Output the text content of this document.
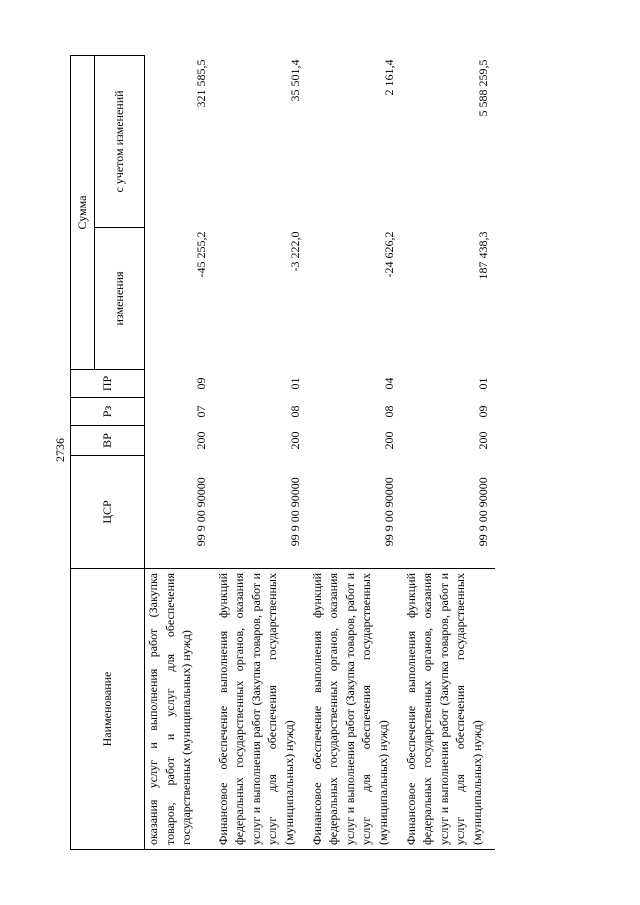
2736
Наименование	ЦСР	ВР	Рз	ПР	Сумма	
					изменения	с учетом изменений
оказания услуг и выполнения работ (Закупка товаров, работ и услуг для обеспечения государственных (муниципальных) нужд)	99 9 00 90000	200	07	09	-45 255,2	321 585,5
Финансовое обеспечение выполнения функций федеральных государственных органов, оказания услуг и выполнения работ (Закупка товаров, работ и услуг для обеспечения государственных (муниципальных) нужд)	99 9 00 90000	200	08	01	-3 222,0	35 501,4
Финансовое обеспечение выполнения функций федеральных государственных органов, оказания услуг и выполнения работ (Закупка товаров, работ и услуг для обеспечения государственных (муниципальных) нужд)	99 9 00 90000	200	08	04	-24 626,2	2 161,4
Финансовое обеспечение выполнения функций федеральных государственных органов, оказания услуг и выполнения работ (Закупка товаров, работ и услуг для обеспечения государственных (муниципальных) нужд)	99 9 00 90000	200	09	01	187 438,3	5 588 259,5
